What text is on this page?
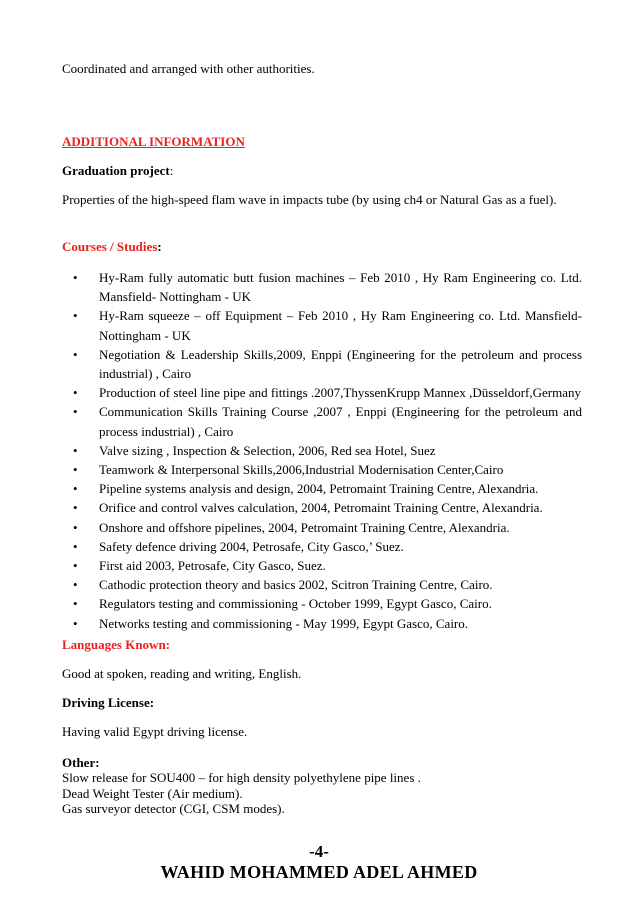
Coordinated and arranged with other authorities.
ADDITIONAL INFORMATION
Graduation project:
Properties of the high-speed flam wave in impacts tube (by using ch4 or Natural Gas as a fuel).
Courses / Studies:
• Hy-Ram fully automatic butt fusion machines – Feb 2010 , Hy Ram Engineering co. Ltd. Mansfield- Nottingham - UK
• Hy-Ram squeeze – off Equipment – Feb 2010 , Hy Ram Engineering co. Ltd. Mansfield-Nottingham - UK
• Negotiation & Leadership Skills,2009, Enppi (Engineering for the petroleum and process industrial) , Cairo
• Production of steel line pipe and fittings .2007,ThyssenKrupp Mannex ,Düsseldorf,Germany
• Communication Skills Training Course ,2007 , Enppi (Engineering for the petroleum and process industrial) , Cairo
• Valve sizing , Inspection & Selection, 2006, Red sea Hotel, Suez
• Teamwork & Interpersonal Skills,2006,Industrial Modernisation Center,Cairo
• Pipeline systems analysis and design, 2004, Petromaint Training Centre, Alexandria.
• Orifice and control valves calculation, 2004, Petromaint Training Centre, Alexandria.
• Onshore and offshore pipelines, 2004, Petromaint Training Centre, Alexandria.
• Safety defence driving 2004, Petrosafe, City Gasco,’ Suez.
• First aid 2003, Petrosafe, City Gasco, Suez.
• Cathodic protection theory and basics 2002, Scitron Training Centre, Cairo.
• Regulators testing and commissioning - October 1999, Egypt Gasco, Cairo.
• Networks testing and commissioning - May 1999, Egypt Gasco, Cairo.
Languages Known:
Good at spoken, reading and writing, English.
Driving License:
Having valid Egypt driving license.
Other:
Slow release for SOU400 – for high density polyethylene pipe lines .
Dead Weight Tester (Air medium).
Gas surveyor detector (CGI, CSM modes).
-4-
WAHID MOHAMMED ADEL AHMED
